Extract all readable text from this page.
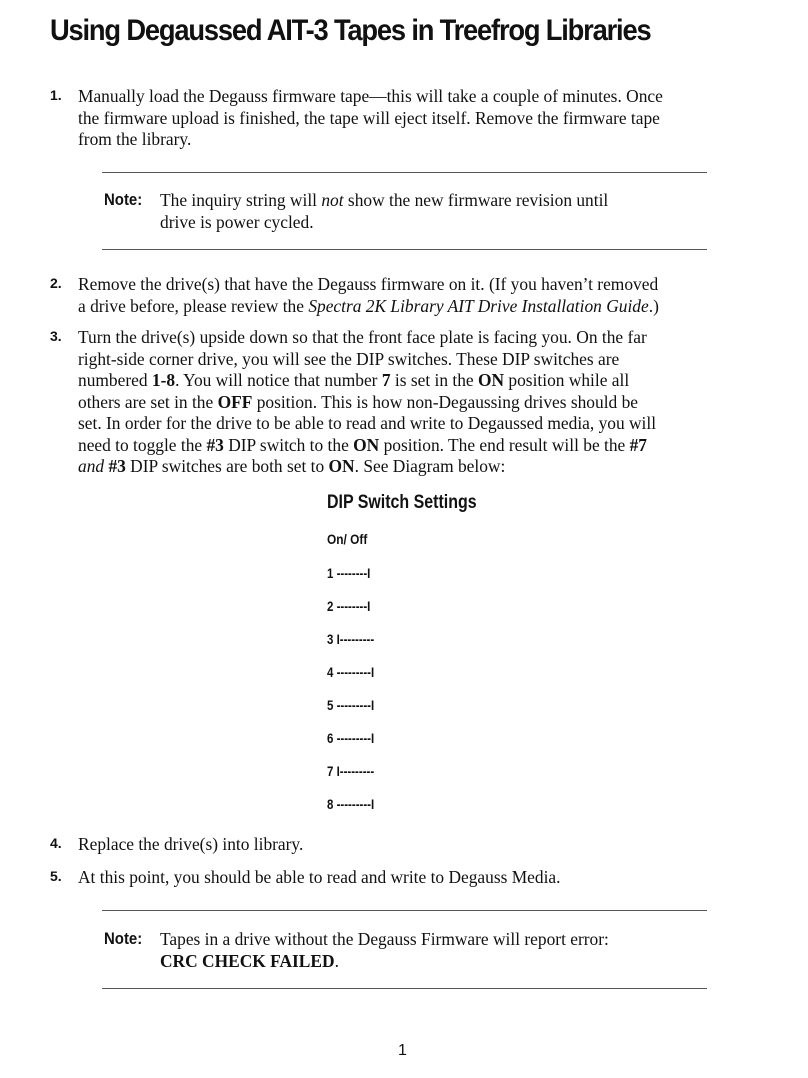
Using Degaussed AIT-3 Tapes in Treefrog Libraries
1. Manually load the Degauss firmware tape—this will take a couple of minutes. Once
the firmware upload is finished, the tape will eject itself. Remove the firmware tape
from the library.
Note: The inquiry string will not show the new firmware revision until
drive is power cycled.
2. Remove the drive(s) that have the Degauss firmware on it. (If you haven’t removed
a drive before, please review the Spectra 2K Library AIT Drive Installation Guide.)
3. Turn the drive(s) upside down so that the front face plate is facing you. On the far
right-side corner drive, you will see the DIP switches. These DIP switches are
numbered 1-8. You will notice that number 7 is set in the ON position while all
others are set in the OFF position. This is how non-Degaussing drives should be
set. In order for the drive to be able to read and write to Degaussed media, you will
need to toggle the #3 DIP switch to the ON position. The end result will be the #7
and #3 DIP switches are both set to ON. See Diagram below:
DIP Switch Settings
On/ Off
1 --------I
2 --------I
3 I---------
4 ---------I
5 ---------I
6 ---------I
7 I---------
8 ---------I
4. Replace the drive(s) into library.
5. At this point, you should be able to read and write to Degauss Media.
Note: Tapes in a drive without the Degauss Firmware will report error:
CRC CHECK FAILED.
1
